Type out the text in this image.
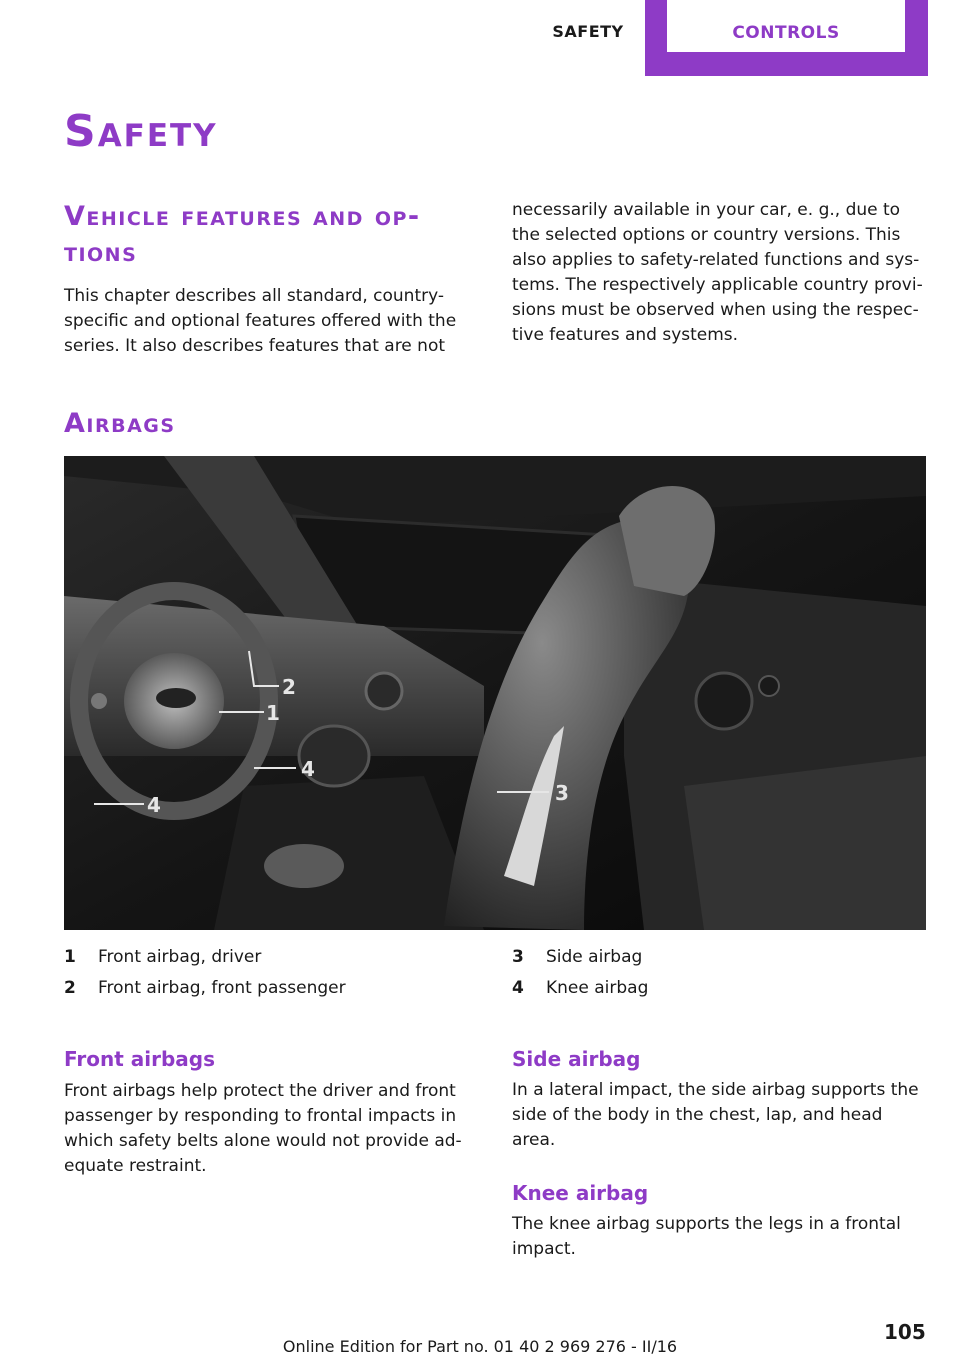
SAFETY	CONTROLS
Safety
Vehicle features and op‐
tions
This chapter describes all standard, country-
specific and optional features offered with the
series. It also describes features that are not
necessarily available in your car, e. g., due to
the selected options or country versions. This
also applies to safety-related functions and sys‐
tems. The respectively applicable country provi‐
sions must be observed when using the respec‐
tive features and systems.
Airbags
2
1
3
4
4
1 Front airbag, driver
2 Front airbag, front passenger
3 Side airbag
4 Knee airbag
Front airbags
Front airbags help protect the driver and front
passenger by responding to frontal impacts in
which safety belts alone would not provide ad‐
equate restraint.
Side airbag
In a lateral impact, the side airbag supports the
side of the body in the chest, lap, and head
area.
Knee airbag
The knee airbag supports the legs in a frontal
impact.
105
Online Edition for Part no. 01 40 2 969 276 - II/16
